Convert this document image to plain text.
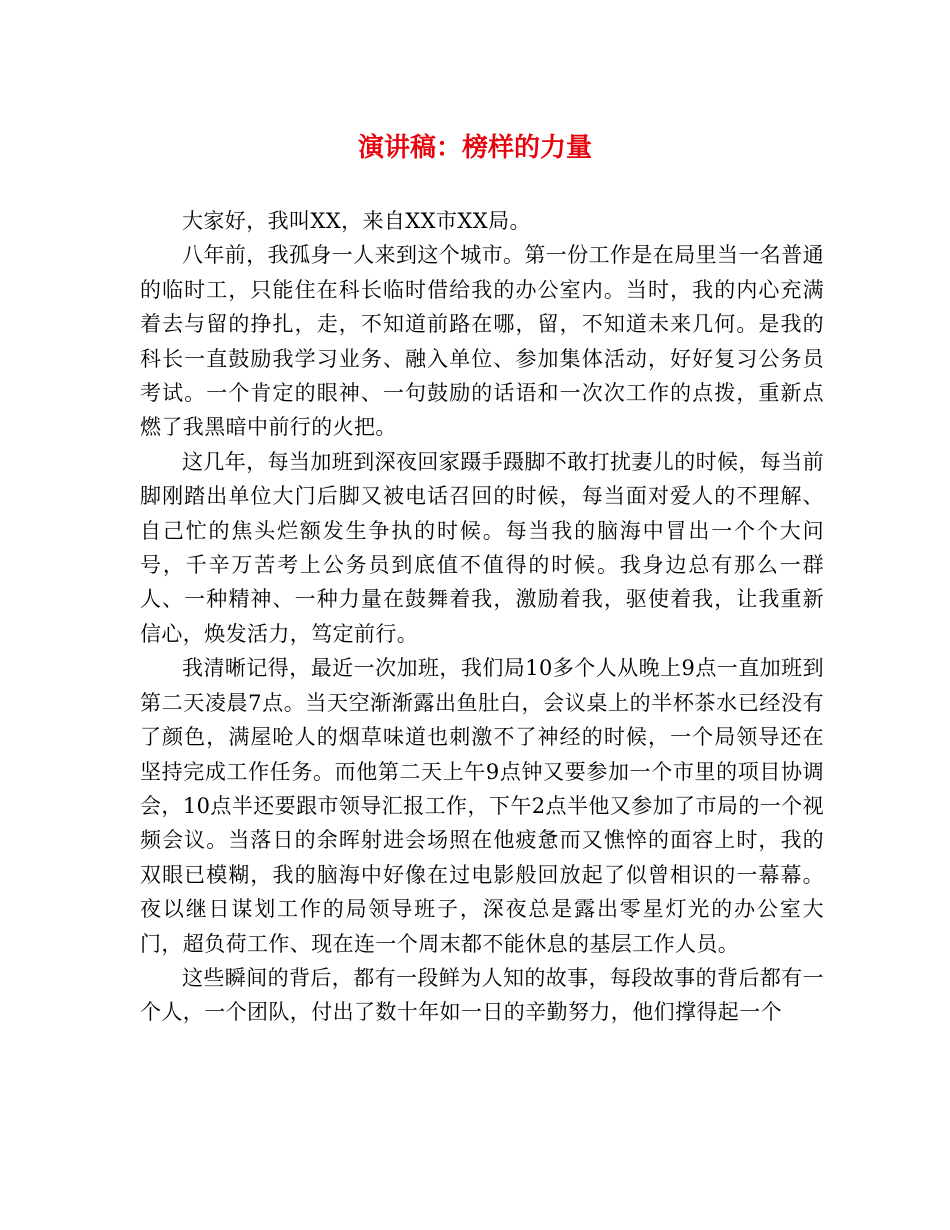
演讲稿：榜样的力量

大家好，我叫XX，来自XX市XX局。

八年前，我孤身一人来到这个城市。第一份工作是在局里当一名普通的临时工，只能住在科长临时借给我的办公室内。当时，我的内心充满着去与留的挣扎，走，不知道前路在哪，留，不知道未来几何。是我的科长一直鼓励我学习业务、融入单位、参加集体活动，好好复习公务员考试。一个肯定的眼神、一句鼓励的话语和一次次工作的点拨，重新点燃了我黑暗中前行的火把。

这几年，每当加班到深夜回家蹑手蹑脚不敢打扰妻儿的时候，每当前脚刚踏出单位大门后脚又被电话召回的时候，每当面对爱人的不理解、自己忙的焦头烂额发生争执的时候。每当我的脑海中冒出一个个大问号，千辛万苦考上公务员到底值不值得的时候。我身边总有那么一群人、一种精神、一种力量在鼓舞着我，激励着我，驱使着我，让我重新信心，焕发活力，笃定前行。

我清晰记得，最近一次加班，我们局10多个人从晚上9点一直加班到第二天凌晨7点。当天空渐渐露出鱼肚白，会议桌上的半杯茶水已经没有了颜色，满屋呛人的烟草味道也刺激不了神经的时候，一个局领导还在坚持完成工作任务。而他第二天上午9点钟又要参加一个市里的项目协调会，10点半还要跟市领导汇报工作，下午2点半他又参加了市局的一个视频会议。当落日的余晖射进会场照在他疲惫而又憔悴的面容上时，我的双眼已模糊，我的脑海中好像在过电影般回放起了似曾相识的一幕幕。夜以继日谋划工作的局领导班子，深夜总是露出零星灯光的办公室大门，超负荷工作、现在连一个周末都不能休息的基层工作人员。

这些瞬间的背后，都有一段鲜为人知的故事，每段故事的背后都有一个人，一个团队，付出了数十年如一日的辛勤努力，他们撑得起一个
